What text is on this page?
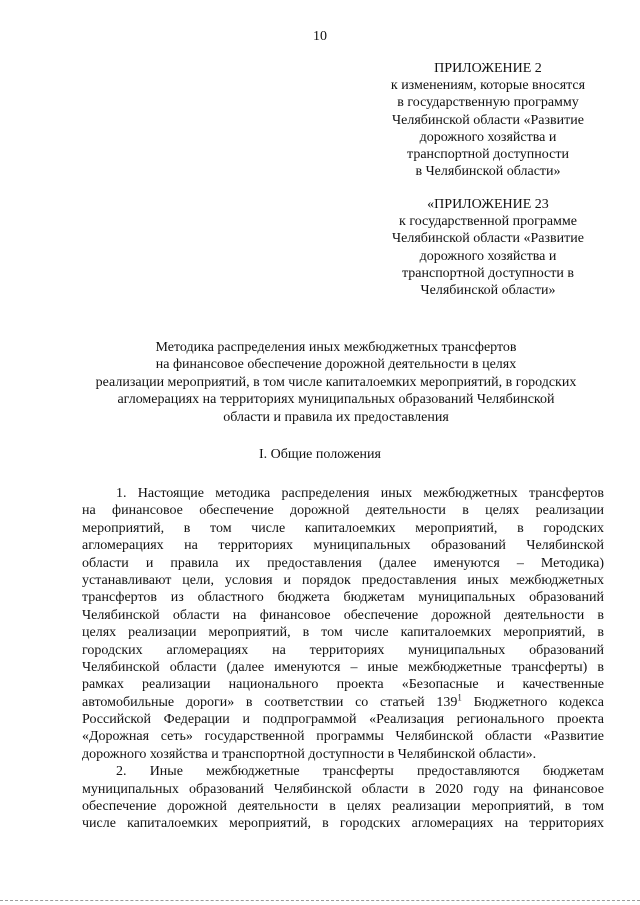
10
ПРИЛОЖЕНИЕ 2
к изменениям, которые вносятся
в государственную программу
Челябинской области «Развитие
дорожного хозяйства и
транспортной доступности
в Челябинской области»
«ПРИЛОЖЕНИЕ 23
к государственной программе
Челябинской области «Развитие
дорожного хозяйства и
транспортной доступности в
Челябинской области»
Методика распределения иных межбюджетных трансфертов
на финансовое обеспечение дорожной деятельности в целях
реализации мероприятий, в том числе капиталоемких мероприятий, в городских
агломерациях на территориях муниципальных образований Челябинской
области и правила их предоставления
I. Общие положения
1. Настоящие методика распределения иных межбюджетных трансфертов
на финансовое обеспечение дорожной деятельности в целях реализации
мероприятий, в том числе капиталоемких мероприятий, в городских
агломерациях на территориях муниципальных образований Челябинской
области и правила их предоставления (далее именуются – Методика)
устанавливают цели, условия и порядок предоставления иных межбюджетных
трансфертов из областного бюджета бюджетам муниципальных образований
Челябинской области на финансовое обеспечение дорожной деятельности в
целях реализации мероприятий, в том числе капиталоемких мероприятий, в
городских агломерациях на территориях муниципальных образований
Челябинской области (далее именуются – иные межбюджетные трансферты) в
рамках реализации национального проекта «Безопасные и качественные
автомобильные дороги» в соответствии со статьей $139^1$ Бюджетного кодекса
Российской Федерации и подпрограммой «Реализация регионального проекта
«Дорожная сеть» государственной программы Челябинской области «Развитие
дорожного хозяйства и транспортной доступности в Челябинской области».
2. Иные межбюджетные трансферты предоставляются бюджетам
муниципальных образований Челябинской области в 2020 году на финансовое
обеспечение дорожной деятельности в целях реализации мероприятий, в том
числе капиталоемких мероприятий, в городских агломерациях на территориях
